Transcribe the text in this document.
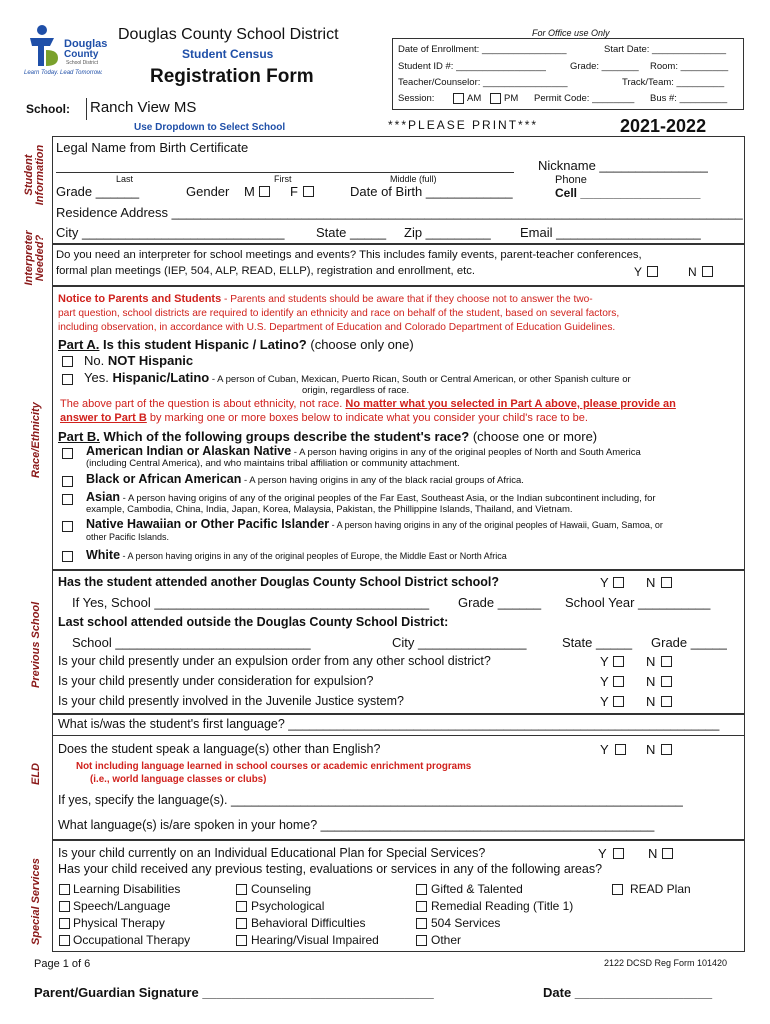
Douglas
County
School District
Learn Today. Lead Tomorrow.
Douglas County School District
Student Census
Registration Form
School: Ranch View MS
Use Dropdown to Select School
For Office use Only
Date of Enrollment: ________________	Start Date: ______________
Student ID #: _________________	Grade: _______ Room: _________
Teacher/Counselor: ________________	Track/Team: _________
Session:	AM PM Permit Code: ________ Bus #: _________
***PLEASE PRINT***	2021-2022
Student Information
Interpreter Needed?
Race/Ethnicity
Previous School
ELD
Special Services
Legal Name from Birth Certificate
Nickname _______________
Last	First	Middle (full)	Phone
Grade ______	Gender M	F	Date of Birth ____________	Cell __________________
Residence Address _______________________________________________________________________________
City ____________________________ State _____ Zip _________ Email ____________________
Do you need an interpreter for school meetings and events? This includes family events, parent-teacher conferences,
formal plan meetings (IEP, 504, ALP, READ, ELLP), registration and enrollment, etc.	Y	N
Notice to Parents and Students - Parents and students should be aware that if they choose not to answer the two-
part question, school districts are required to identify an ethnicity and race on behalf of the student, based on several factors,
including observation, in accordance with U.S. Department of Education and Colorado Department of Education Guidelines.
Part A. Is this student Hispanic / Latino? (choose only one)
No. NOT Hispanic
Yes. Hispanic/Latino - A person of Cuban, Mexican, Puerto Rican, South or Central American, or other Spanish culture or
origin, regardless of race.
The above part of the question is about ethnicity, not race. No matter what you selected in Part A above, please provide an
answer to Part B by marking one or more boxes below to indicate what you consider your child's race to be.
Part B. Which of the following groups describe the student's race? (choose one or more)
American Indian or Alaskan Native - A person having origins in any of the original peoples of North and South America
(including Central America), and who maintains tribal affiliation or community attachment.
Black or African American - A person having origins in any of the black racial groups of Africa.
Asian - A person having origins of any of the original peoples of the Far East, Southeast Asia, or the Indian subcontinent including, for
example, Cambodia, China, India, Japan, Korea, Malaysia, Pakistan, the Phillippine Islands, Thailand, and Vietnam.
Native Hawaiian or Other Pacific Islander - A person having origins in any of the original peoples of Hawaii, Guam, Samoa, or
other Pacific Islands.
White - A person having origins in any of the original peoples of Europe, the Middle East or North Africa
Has the student attended another Douglas County School District school?	Y	N
If Yes, School ______________________________________ Grade ______ School Year __________
Last school attended outside the Douglas County School District:
School ___________________________	City _______________	State _____ Grade _____
Is your child presently under an expulsion order from any other school district?	Y	N
Is your child presently under consideration for expulsion?	Y	N
Is your child presently involved in the Juvenile Justice system?	Y	N
What is/was the student's first language? ______________________________________________________________
Does the student speak a language(s) other than English?	Y	N
Not including language learned in school courses or academic enrichment programs
(i.e., world language classes or clubs)
If yes, specify the language(s). _________________________________________________________________
What language(s) is/are spoken in your home? ________________________________________________
Is your child currently on an Individual Educational Plan for Special Services?	Y	N
Has your child received any previous testing, evaluations or services in any of the following areas?
Learning Disabilities
Speech/Language
Physical Therapy
Occupational Therapy
Counseling
Psychological
Behavioral Difficulties
Hearing/Visual Impaired
Gifted & Talented
Remedial Reading (Title 1)
504 Services
Other
READ Plan
Page 1 of 6	2122 DCSD Reg Form 101420
Parent/Guardian Signature ________________________________	Date ___________________
